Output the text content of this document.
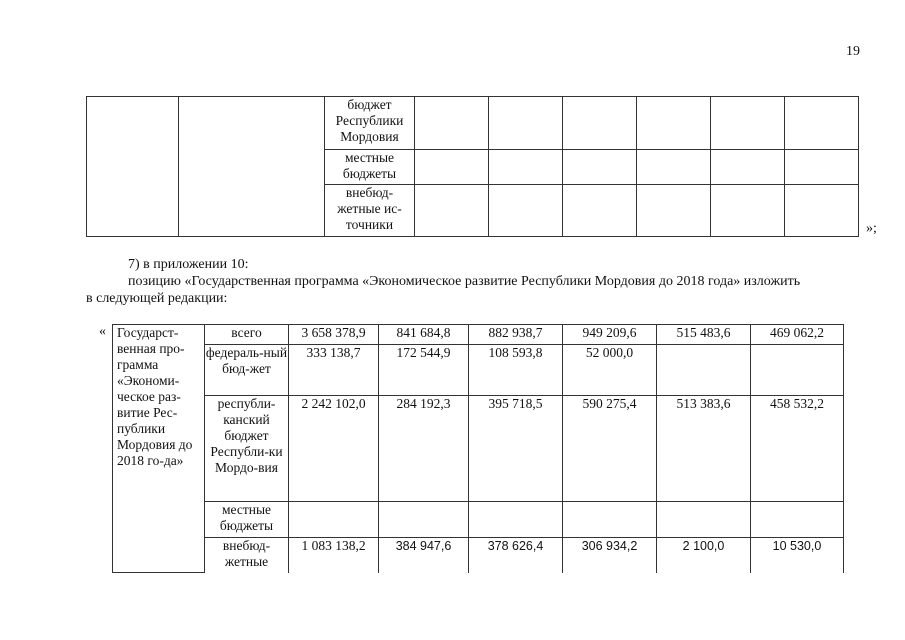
19
		бюджет Республики Мордовия						
		местные бюджеты						
		внебюд-жетные ис-точники							»;
7) в приложении 10:
позицию «Государственная программа «Экономическое развитие Республики Мордовия до 2018 года» изложить
в следующей редакции:
« Государст-венная про-грамма «Экономи-ческое раз-витие Рес-публики Мордовия до 2018 го-да»	всего	3 658 378,9	841 684,8	882 938,7	949 209,6	515 483,6	469 062,2
	федераль-ный бюд-жет	333 138,7	172 544,9	108 593,8	52 000,0		
	республи-канский бюджет Республи-ки Мордо-вия	2 242 102,0	284 192,3	395 718,5	590 275,4	513 383,6	458 532,2
	местные бюджеты						
	внебюд-жетные	1 083 138,2	384 947,6	378 626,4	306 934,2	2 100,0	10 530,0
